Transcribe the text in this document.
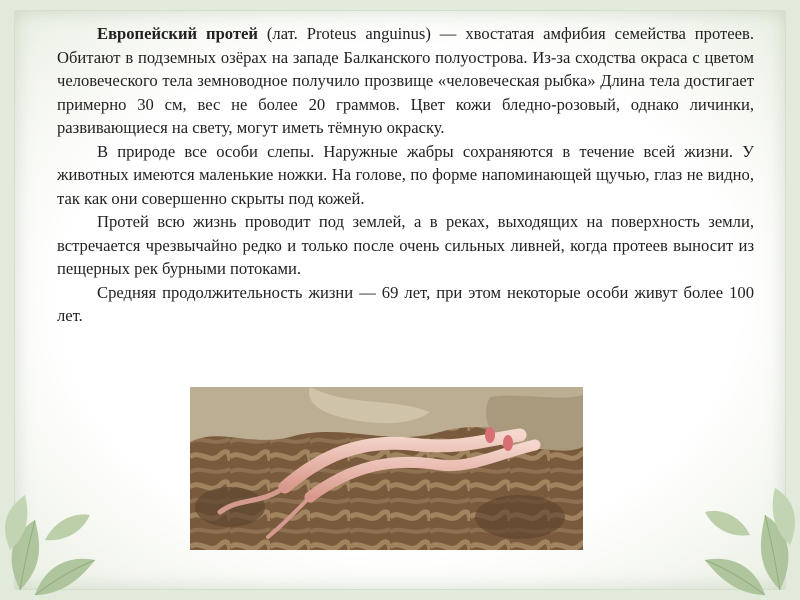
Европейский протей (лат. Proteus anguinus) — хвостатая амфибия семейства протеев. Обитают в подземных озёрах на западе Балканского полуострова. Из-за сходства окраса с цветом человеческого тела земноводное получило прозвище «человеческая рыбка» Длина тела достигает примерно 30 см, вес не более 20 граммов. Цвет кожи бледно-розовый, однако личинки, развивающиеся на свету, могут иметь тёмную окраску.

В природе все особи слепы. Наружные жабры сохраняются в течение всей жизни. У животных имеются маленькие ножки. На голове, по форме напоминающей щучью, глаз не видно, так как они совершенно скрыты под кожей.

Протей всю жизнь проводит под землей, а в реках, выходящих на поверхность земли, встречается чрезвычайно редко и только после очень сильных ливней, когда протеев выносит из пещерных рек бурными потоками.

Средняя продолжительность жизни — 69 лет, при этом некоторые особи живут более 100 лет.
